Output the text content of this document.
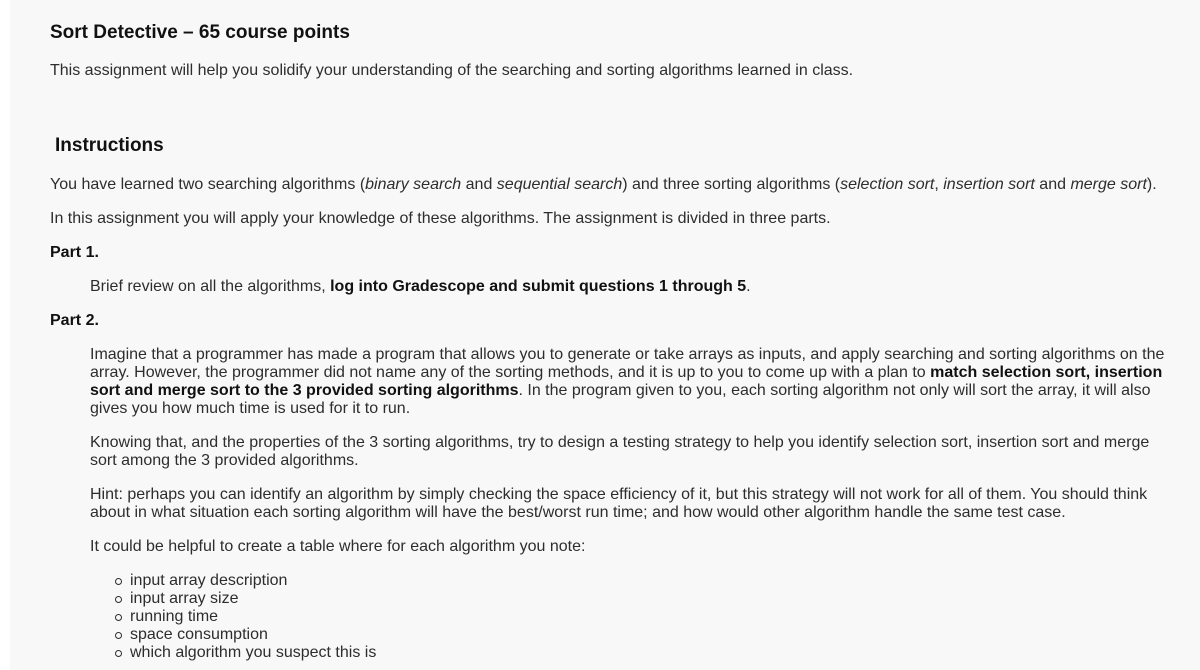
Sort Detective – 65 course points

This assignment will help you solidify your understanding of the searching and sorting algorithms learned in class.

Instructions

You have learned two searching algorithms (binary search and sequential search) and three sorting algorithms (selection sort, insertion sort and merge sort).

In this assignment you will apply your knowledge of these algorithms. The assignment is divided in three parts.

Part 1.

Brief review on all the algorithms, log into Gradescope and submit questions 1 through 5.

Part 2.

Imagine that a programmer has made a program that allows you to generate or take arrays as inputs, and apply searching and sorting algorithms on the array. However, the programmer did not name any of the sorting methods, and it is up to you to come up with a plan to match selection sort, insertion sort and merge sort to the 3 provided sorting algorithms. In the program given to you, each sorting algorithm not only will sort the array, it will also gives you how much time is used for it to run.

Knowing that, and the properties of the 3 sorting algorithms, try to design a testing strategy to help you identify selection sort, insertion sort and merge sort among the 3 provided algorithms.

Hint: perhaps you can identify an algorithm by simply checking the space efficiency of it, but this strategy will not work for all of them. You should think about in what situation each sorting algorithm will have the best/worst run time; and how would other algorithm handle the same test case.

It could be helpful to create a table where for each algorithm you note:

input array description
input array size
running time
space consumption
which algorithm you suspect this is
